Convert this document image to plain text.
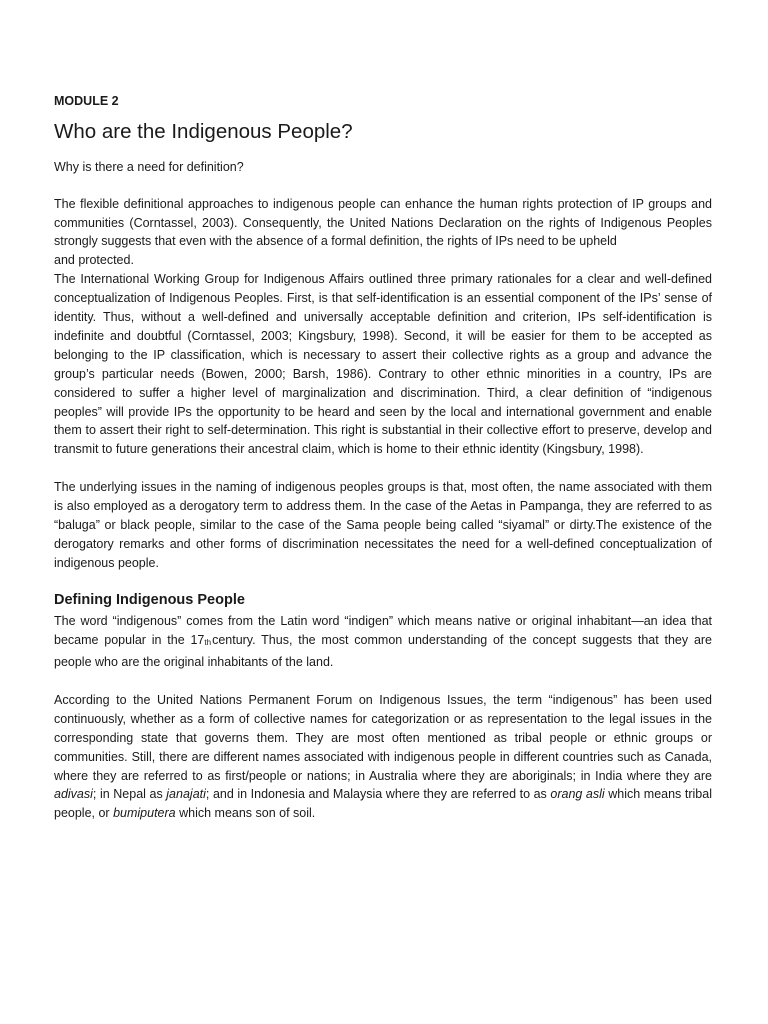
MODULE 2
Who are the Indigenous People?
Why is there a need for definition?

The flexible definitional approaches to indigenous people can enhance the human rights protection of IP groups and communities (Corntassel, 2003). Consequently, the United Nations Declaration on the rights of Indigenous Peoples strongly suggests that even with the absence of a formal definition, the rights of IPs need to be upheld

and protected.

The International Working Group for Indigenous Affairs outlined three primary rationales for a clear and well-defined conceptualization of Indigenous Peoples. First, is that self-identification is an essential component of the IPs’ sense of identity. Thus, without a well-defined and universally acceptable definition and criterion, IPs self-identification is indefinite and doubtful (Corntassel, 2003; Kingsbury, 1998). Second, it will be easier for them to be accepted as belonging to the IP classification, which is necessary to assert their collective rights as a group and advance the group’s particular needs (Bowen, 2000; Barsh, 1986). Contrary to other ethnic minorities in a country, IPs are considered to suffer a higher level of marginalization and discrimination. Third, a clear definition of “indigenous peoples” will provide IPs the opportunity to be heard and seen by the local and international government and enable them to assert their right to self-determination. This right is substantial in their collective effort to preserve, develop and transmit to future generations their ancestral claim, which is home to their ethnic identity (Kingsbury, 1998).

The underlying issues in the naming of indigenous peoples groups is that, most often, the name associated with them is also employed as a derogatory term to address them. In the case of the Aetas in Pampanga, they are referred to as “baluga” or black people, similar to the case of the Sama people being called “siyamal” or dirty.The existence of the derogatory remarks and other forms of discrimination necessitates the need for a well-defined conceptualization of indigenous people.

Defining Indigenous People

The word “indigenous” comes from the Latin word “indigen” which means native or original inhabitant—an idea that became popular in the 17thcentury. Thus, the most common understanding of the concept suggests that they are people who are the original inhabitants of the land.

According to the United Nations Permanent Forum on Indigenous Issues, the term “indigenous” has been used continuously, whether as a form of collective names for categorization or as representation to the legal issues in the corresponding state that governs them. They are most often mentioned as tribal people or ethnic groups or communities. Still, there are different names associated with indigenous people in different countries such as Canada, where they are referred to as first/people or nations; in Australia where they are aboriginals; in India where they are adivasi; in Nepal as janajati; and in Indonesia and Malaysia where they are referred to as orang asli which means tribal people, or bumiputera which means son of soil.
